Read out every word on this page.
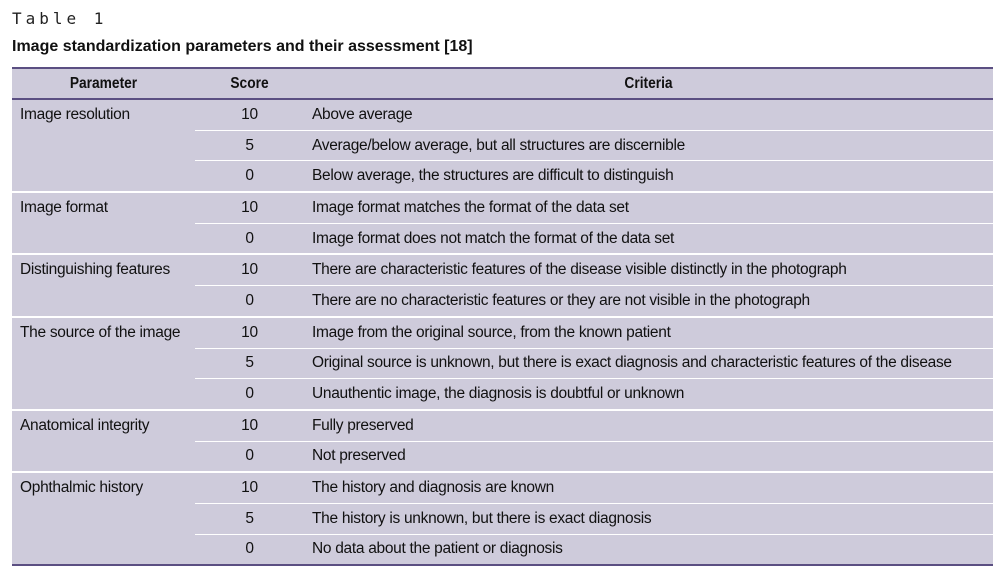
Table 1
Image standardization parameters and their assessment [18]
Parameter	Score	Criteria
Image resolution	10	Above average
	5	Average/below average, but all structures are discernible
	0	Below average, the structures are difficult to distinguish
Image format	10	Image format matches the format of the data set
	0	Image format does not match the format of the data set
Distinguishing features	10	There are characteristic features of the disease visible distinctly in the photograph
	0	There are no characteristic features or they are not visible in the photograph
The source of the image	10	Image from the original source, from the known patient
	5	Original source is unknown, but there is exact diagnosis and characteristic features of the disease
	0	Unauthentic image, the diagnosis is doubtful or unknown
Anatomical integrity	10	Fully preserved
	0	Not preserved
Ophthalmic history	10	The history and diagnosis are known
	5	The history is unknown, but there is exact diagnosis
	0	No data about the patient or diagnosis
